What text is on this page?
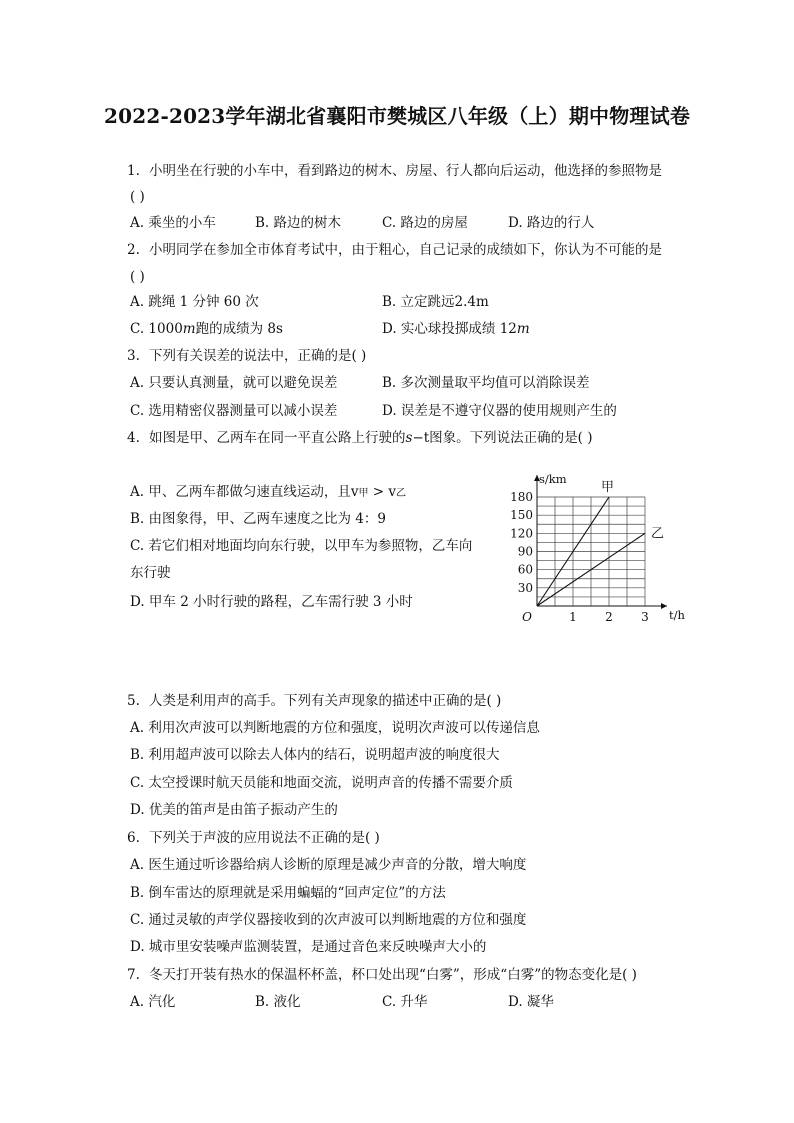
2022-2023学年湖北省襄阳市樊城区八年级（上）期中物理试卷
1. 小明坐在行驶的小车中，看到路边的树木、房屋、行人都向后运动，他选择的参照物是
( )
A. 乘坐的小车	B. 路边的树木	C. 路边的房屋	D. 路边的行人
2. 小明同学在参加全市体育考试中，由于粗心，自己记录的成绩如下，你认为不可能的是
( )
A. 跳绳 1 分钟 60 次	B. 立定跳远2.4m
C. 1000m跑的成绩为 8s	D. 实心球投掷成绩 12m
3. 下列有关误差的说法中，正确的是( )
A. 只要认真测量，就可以避免误差	B. 多次测量取平均值可以消除误差
C. 选用精密仪器测量可以减小误差	D. 误差是不遵守仪器的使用规则产生的
4. 如图是甲、乙两车在同一平直公路上行驶的s−t图象。下列说法正确的是( )
A. 甲、乙两车都做匀速直线运动，且v甲 > v乙
B. 由图象得，甲、乙两车速度之比为 4：9
C. 若它们相对地面均向东行驶，以甲车为参照物，乙车向
东行驶
D. 甲车 2 小时行驶的路程，乙车需行驶 3 小时
1 2 3
30
60
90
120
150
180
O
s/km
t/h
甲
乙
5. 人类是利用声的高手。下列有关声现象的描述中正确的是( )
A. 利用次声波可以判断地震的方位和强度，说明次声波可以传递信息
B. 利用超声波可以除去人体内的结石，说明超声波的响度很大
C. 太空授课时航天员能和地面交流，说明声音的传播不需要介质
D. 优美的笛声是由笛子振动产生的
6. 下列关于声波的应用说法不正确的是( )
A. 医生通过听诊器给病人诊断的原理是减少声音的分散，增大响度
B. 倒车雷达的原理就是采用蝙蝠的“回声定位”的方法
C. 通过灵敏的声学仪器接收到的次声波可以判断地震的方位和强度
D. 城市里安装噪声监测装置，是通过音色来反映噪声大小的
7. 冬天打开装有热水的保温杯杯盖，杯口处出现“白雾”，形成“白雾”的物态变化是( )
A. 汽化	B. 液化	C. 升华	D. 凝华
